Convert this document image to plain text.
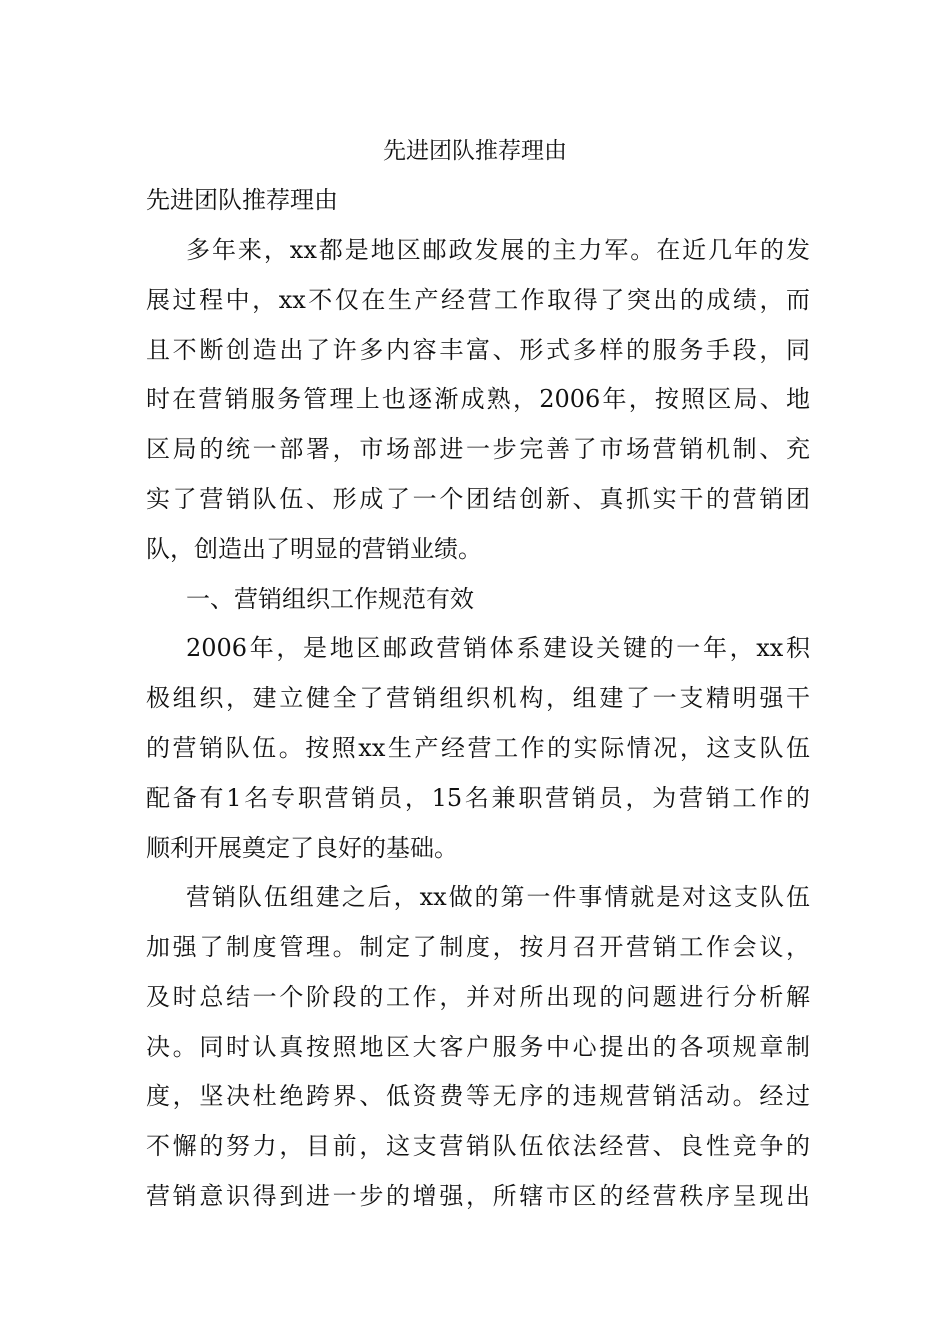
先进团队推荐理由
先进团队推荐理由
多年来，xx都是地区邮政发展的主力军。在近几年的发
展过程中，xx不仅在生产经营工作取得了突出的成绩，而
且不断创造出了许多内容丰富、形式多样的服务手段，同
时在营销服务管理上也逐渐成熟，2006年，按照区局、地
区局的统一部署，市场部进一步完善了市场营销机制、充
实了营销队伍、形成了一个团结创新、真抓实干的营销团
队，创造出了明显的营销业绩。
一、营销组织工作规范有效
2006年，是地区邮政营销体系建设关键的一年，xx积
极组织，建立健全了营销组织机构，组建了一支精明强干
的营销队伍。按照xx生产经营工作的实际情况，这支队伍
配备有1名专职营销员，15名兼职营销员，为营销工作的
顺利开展奠定了良好的基础。
营销队伍组建之后，xx做的第一件事情就是对这支队伍
加强了制度管理。制定了制度，按月召开营销工作会议，
及时总结一个阶段的工作，并对所出现的问题进行分析解
决。同时认真按照地区大客户服务中心提出的各项规章制
度，坚决杜绝跨界、低资费等无序的违规营销活动。经过
不懈的努力，目前，这支营销队伍依法经营、良性竞争的
营销意识得到进一步的增强，所辖市区的经营秩序呈现出
